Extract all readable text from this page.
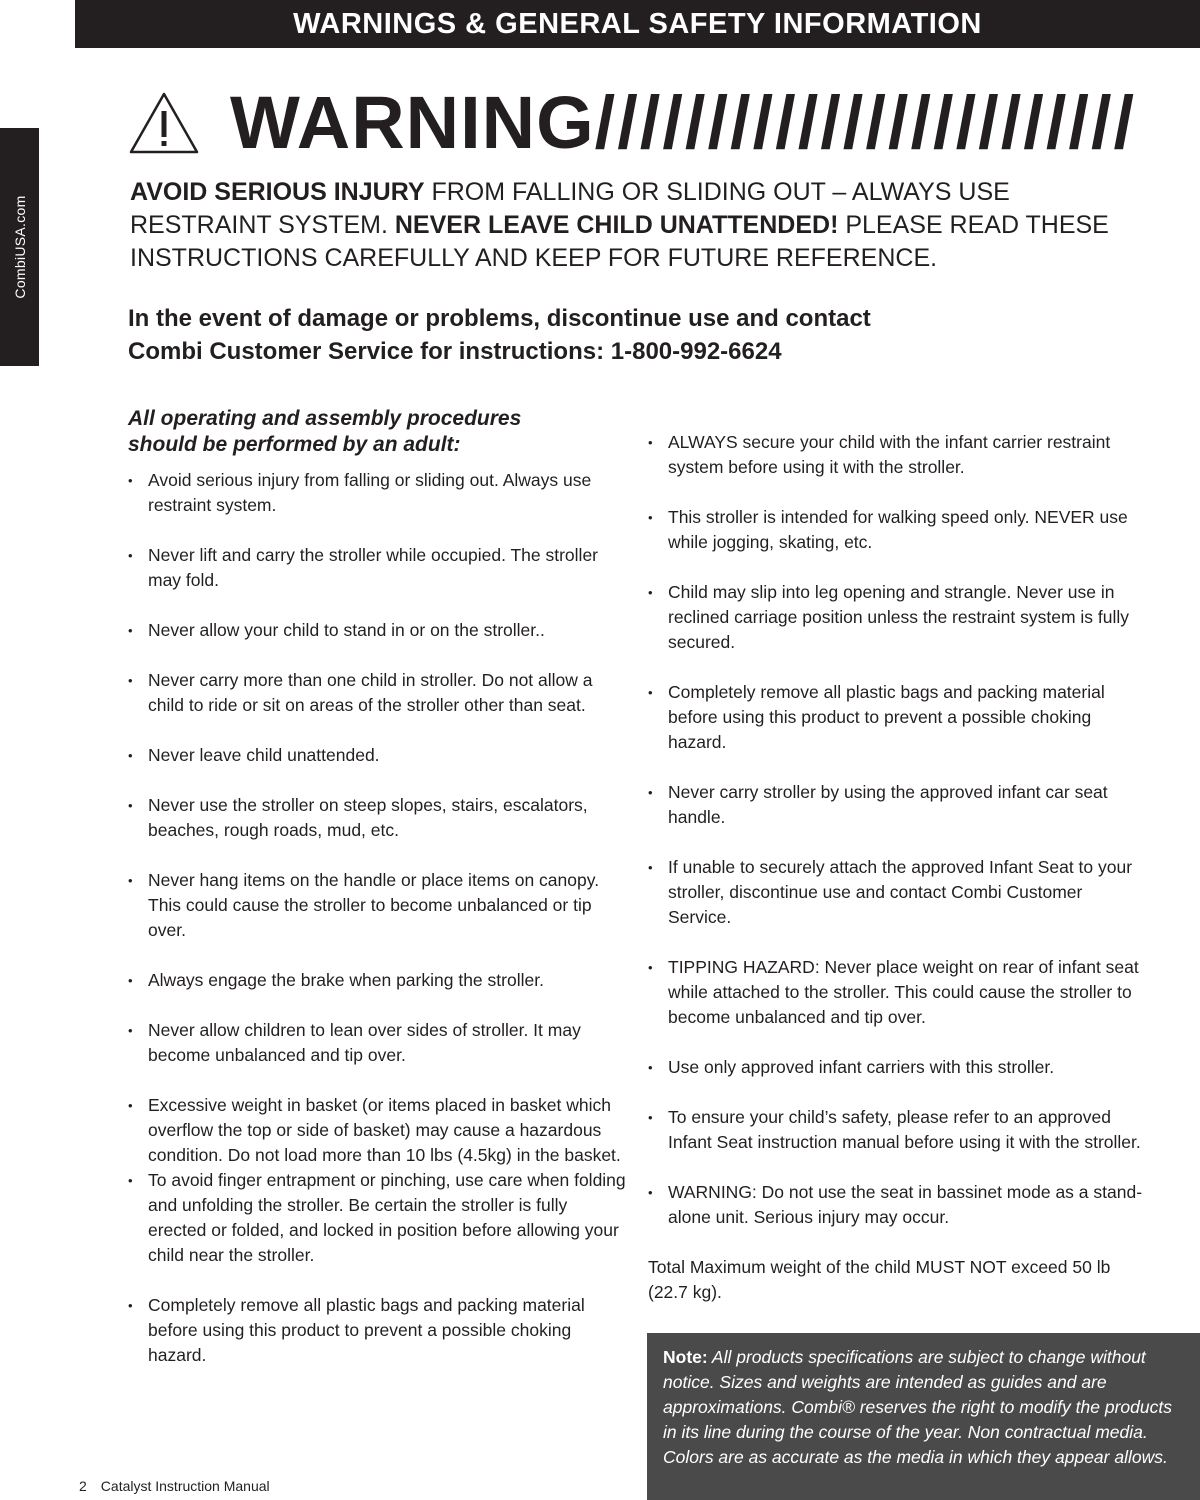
WARNINGS & GENERAL SAFETY INFORMATION
CombiUSA.com
WARNING ////////////////////////
AVOID SERIOUS INJURY FROM FALLING OR SLIDING OUT – ALWAYS USE RESTRAINT SYSTEM. NEVER LEAVE CHILD UNATTENDED! PLEASE READ THESE INSTRUCTIONS CAREFULLY AND KEEP FOR FUTURE REFERENCE.
In the event of damage or problems, discontinue use and contact
Combi Customer Service for instructions: 1-800-992-6624
All operating and assembly procedures
should be performed by an adult:
• Avoid serious injury from falling or sliding out. Always use restraint system.
• Never lift and carry the stroller while occupied. The stroller may fold.
• Never allow your child to stand in or on the stroller..
• Never carry more than one child in stroller. Do not allow a child to ride or sit on areas of the stroller other than seat.
• Never leave child unattended.
• Never use the stroller on steep slopes, stairs, escalators, beaches, rough roads, mud, etc.
• Never hang items on the handle or place items on canopy. This could cause the stroller to become unbalanced or tip over.
• Always engage the brake when parking the stroller.
• Never allow children to lean over sides of stroller. It may become unbalanced and tip over.
• Excessive weight in basket (or items placed in basket which overflow the top or side of basket) may cause a hazardous condition. Do not load more than 10 lbs (4.5kg) in the basket.
• To avoid finger entrapment or pinching, use care when folding and unfolding the stroller. Be certain the stroller is fully erected or folded, and locked in position before allowing your child near the stroller.
• Completely remove all plastic bags and packing material before using this product to prevent a possible choking hazard.
• ALWAYS secure your child with the infant carrier restraint system before using it with the stroller.
• This stroller is intended for walking speed only. NEVER use while jogging, skating, etc.
• Child may slip into leg opening and strangle. Never use in reclined carriage position unless the restraint system is fully secured.
• Completely remove all plastic bags and packing material before using this product to prevent a possible choking hazard.
• Never carry stroller by using the approved infant car seat handle.
• If unable to securely attach the approved Infant Seat to your stroller, discontinue use and contact Combi Customer Service.
• TIPPING HAZARD: Never place weight on rear of infant seat while attached to the stroller. This could cause the stroller to become unbalanced and tip over.
• Use only approved infant carriers with this stroller.
• To ensure your child’s safety, please refer to an approved Infant Seat instruction manual before using it with the stroller.
• WARNING: Do not use the seat in bassinet mode as a stand-alone unit. Serious injury may occur.
Total Maximum weight of the child MUST NOT exceed 50 lb (22.7 kg).
Note: All products specifications are subject to change without notice. Sizes and weights are intended as guides and are approximations. Combi® reserves the right to modify the products in its line during the course of the year. Non contractual media. Colors are as accurate as the media in which they appear allows.
2 Catalyst Instruction Manual
